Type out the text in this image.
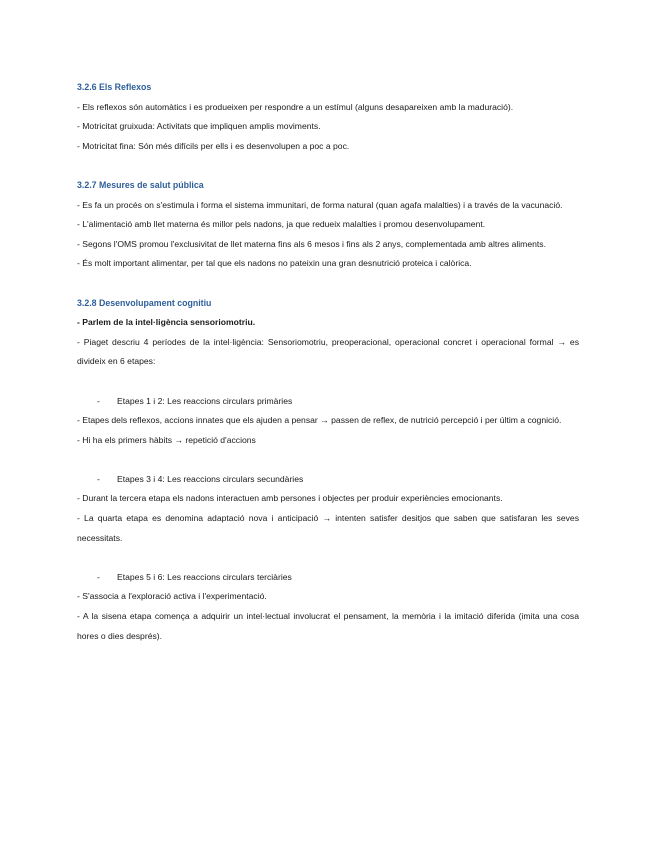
3.2.6 Els Reflexos

- Els reflexos són automàtics i es produeixen per respondre a un estímul (alguns desapareixen amb la maduració).

- Motricitat gruixuda: Activitats que impliquen amplis moviments.

- Motricitat fina: Són més difícils per ells i es desenvolupen a poc a poc.

3.2.7 Mesures de salut pública

- Es fa un procés on s'estimula i forma el sistema immunitari, de forma natural (quan agafa malalties) i a través de la vacunació.

- L'alimentació amb llet materna és millor pels nadons, ja que redueix malalties i promou desenvolupament.

- Segons l'OMS promou l'exclusivitat de llet materna fins als 6 mesos i fins als 2 anys, complementada amb altres aliments.

- És molt important alimentar, per tal que els nadons no pateixin una gran desnutrició proteica i calòrica.

3.2.8 Desenvolupament cognitiu

- Parlem de la intel·ligència sensoriomotriu.

- Piaget descriu 4 períodes de la intel·ligència: Sensoriomotriu, preoperacional, operacional concret i operacional formal → es divideix en 6 etapes:

-	Etapes 1 i 2: Les reaccions circulars primàries

- Etapes dels reflexos, accions innates que els ajuden a pensar → passen de reflex, de nutrició percepció i per últim a cognició.

- Hi ha els primers hàbits → repetició d'accions

-	Etapes 3 i 4: Les reaccions circulars secundàries

- Durant la tercera etapa els nadons interactuen amb persones i objectes per produir experiències emocionants.

- La quarta etapa es denomina adaptació nova i anticipació → intenten satisfer desitjos que saben que satisfaran les seves necessitats.

-	Etapes 5 i 6: Les reaccions circulars terciàries

- S'associa a l'exploració activa i l'experimentació.

- A la sisena etapa comença a adquirir un intel·lectual involucrat el pensament, la memòria i la imitació diferida (imita una cosa hores o dies després).
